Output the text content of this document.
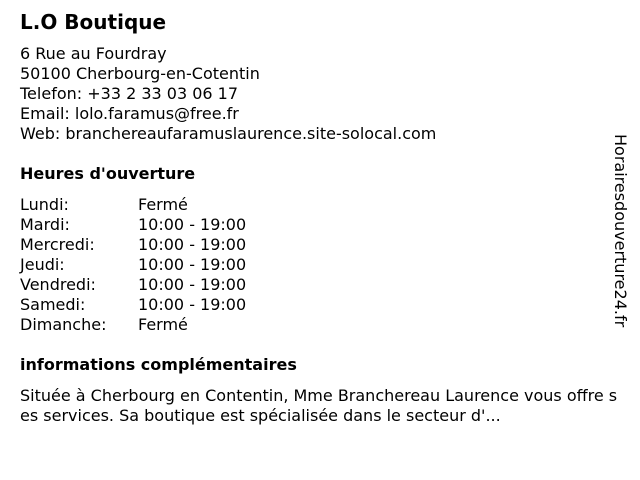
L.O Boutique
6 Rue au Fourdray
50100 Cherbourg-en-Cotentin
Telefon: +33 2 33 03 06 17
Email: lolo.faramus@free.fr
Web: branchereaufaramuslaurence.site-solocal.com
Heures d'ouverture
Lundi:	Fermé
Mardi:	10:00 - 19:00
Mercredi:	10:00 - 19:00
Jeudi:	10:00 - 19:00
Vendredi:	10:00 - 19:00
Samedi:	10:00 - 19:00
Dimanche: Fermé
informations complémentaires
Située à Cherbourg en Contentin, Mme Branchereau Laurence vous offre ses services. Sa boutique est spécialisée dans le secteur d'...
Horairesdouverture24.fr
